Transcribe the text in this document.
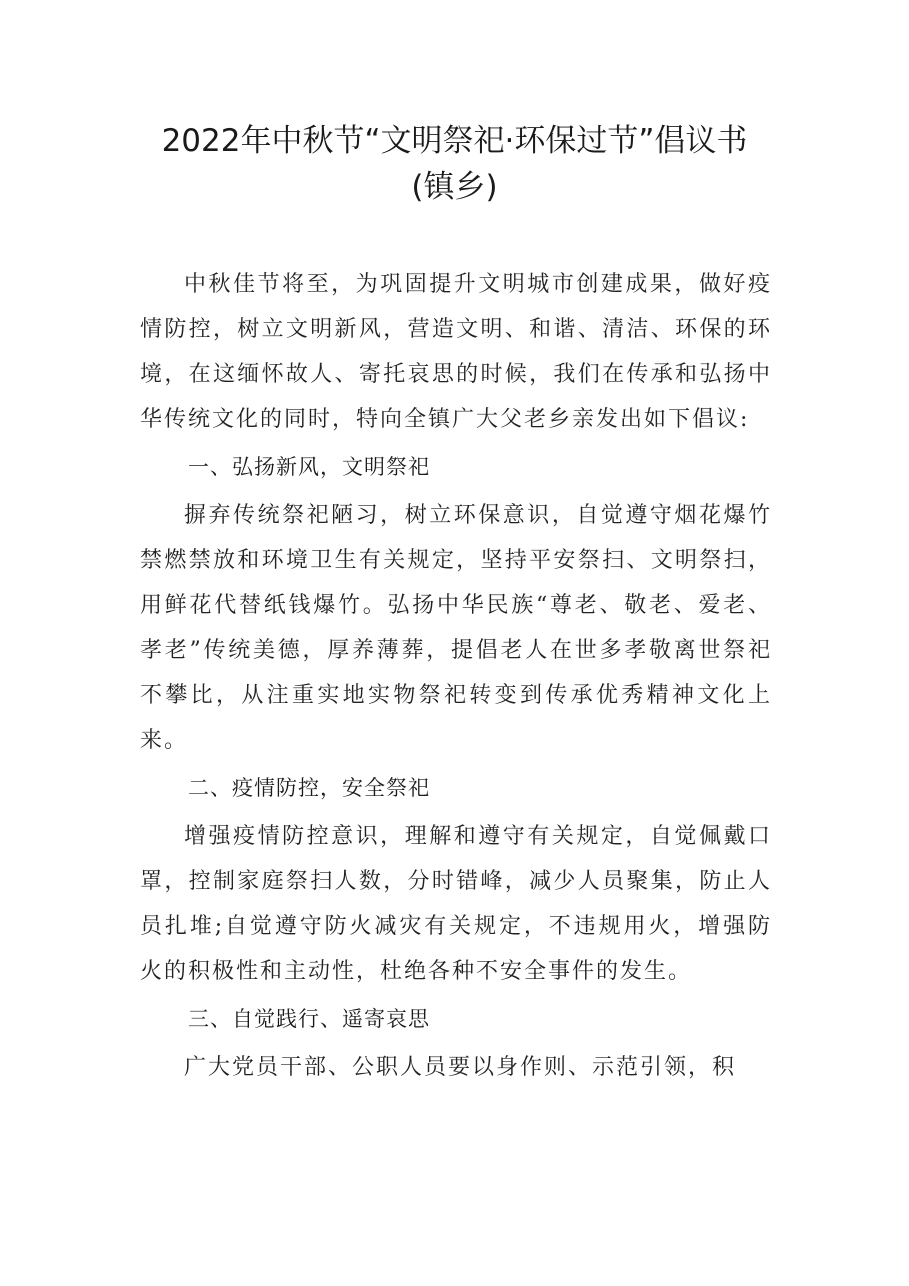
2022年中秋节“文明祭祀·环保过节”倡议书
(镇乡)

中秋佳节将至，为巩固提升文明城市创建成果，做好疫情防控，树立文明新风，营造文明、和谐、清洁、环保的环境，在这缅怀故人、寄托哀思的时候，我们在传承和弘扬中华传统文化的同时，特向全镇广大父老乡亲发出如下倡议:

一、弘扬新风，文明祭祀

摒弃传统祭祀陋习，树立环保意识，自觉遵守烟花爆竹禁燃禁放和环境卫生有关规定，坚持平安祭扫、文明祭扫，用鲜花代替纸钱爆竹。弘扬中华民族“尊老、敬老、爱老、孝老”传统美德，厚养薄葬，提倡老人在世多孝敬离世祭祀不攀比，从注重实地实物祭祀转变到传承优秀精神文化上来。

二、疫情防控，安全祭祀

增强疫情防控意识，理解和遵守有关规定，自觉佩戴口罩，控制家庭祭扫人数，分时错峰，减少人员聚集，防止人员扎堆;自觉遵守防火减灾有关规定，不违规用火，增强防火的积极性和主动性，杜绝各种不安全事件的发生。

三、自觉践行、遥寄哀思

广大党员干部、公职人员要以身作则、示范引领，积
